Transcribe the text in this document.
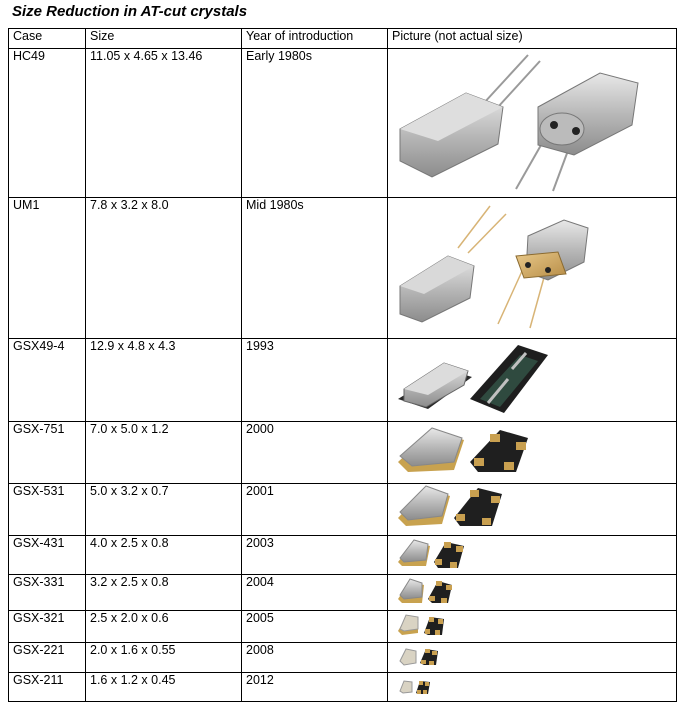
Size Reduction in AT-cut crystals
Case	Size	Year of introduction	Picture (not actual size)
HC49	11.05 x 4.65 x 13.46	Early 1980s	

UM1	7.8 x 3.2 x 8.0	Mid 1980s	

GSX49-4	12.9 x 4.8 x 4.3	1993	

GSX-751	7.0 x 5.0 x 1.2	2000	

GSX-531	5.0 x 3.2 x 0.7	2001	

GSX-431	4.0 x 2.5 x 0.8	2003	

GSX-331	3.2 x 2.5 x 0.8	2004	

GSX-321	2.5 x 2.0 x 0.6	2005	

GSX-221	2.0 x 1.6 x 0.55	2008	

GSX-211	1.6 x 1.2 x 0.45	2012	
